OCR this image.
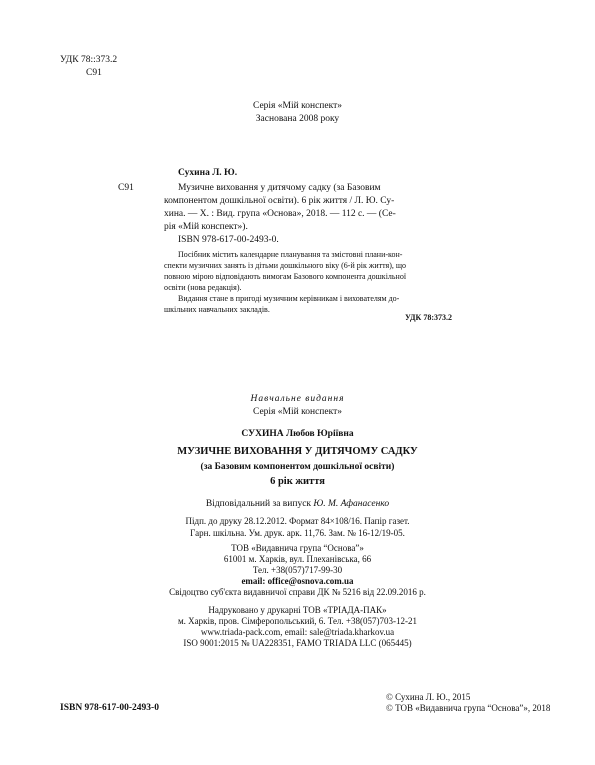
УДК 78::373.2
С91
Серія «Мій конспект»
Заснована 2008 року
Сухина Л. Ю.
С91	Музичне виховання у дитячому садку (за Базовим
компонентом дошкільної освіти). 6 рік життя / Л. Ю. Су-
хина. — Х. : Вид. група «Основа», 2018. — 112 с. — (Се-
рія «Мій конспект»).
ISBN 978-617-00-2493-0.
Посібник містить календарне планування та змістовні плани-кон-
спекти музичних занять із дітьми дошкільного віку (6-й рік життя), що
повною мірою відповідають вимогам Базового компонента дошкільної
освіти (нова редакція).
Видання стане в пригоді музичним керівникам і вихователям до-
шкільних навчальних закладів.
УДК 78:373.2
Навчальне видання
Серія «Мій конспект»
СУХИНА Любов Юріївна
МУЗИЧНЕ ВИХОВАННЯ У ДИТЯЧОМУ САДКУ
(за Базовим компонентом дошкільної освіти)
6 рік життя
Відповідальний за випуск Ю. М. Афанасенко
Підп. до друку 28.12.2012. Формат 84×108/16. Папір газет.
Гарн. шкільна. Ум. друк. арк. 11,76. Зам. № 16-12/19-05.
ТОВ «Видавнича група “Основа”»
61001 м. Харків, вул. Плеханівська, 66
Тел. +38(057)717-99-30
email: office@osnova.com.ua
Свідоцтво суб'єкта видавничої справи ДК № 5216 від 22.09.2016 р.
Надруковано у друкарні ТОВ «ТРІАДА-ПАК»
м. Харків, пров. Сімферопольський, 6. Тел. +38(057)703-12-21
www.triada-pack.com, email: sale@triada.kharkov.ua
ISO 9001:2015 № UA228351, FAMO TRIADA LLC (065445)
ISBN 978-617-00-2493-0
© Сухина Л. Ю., 2015
© ТОВ «Видавнича група “Основа”», 2018
